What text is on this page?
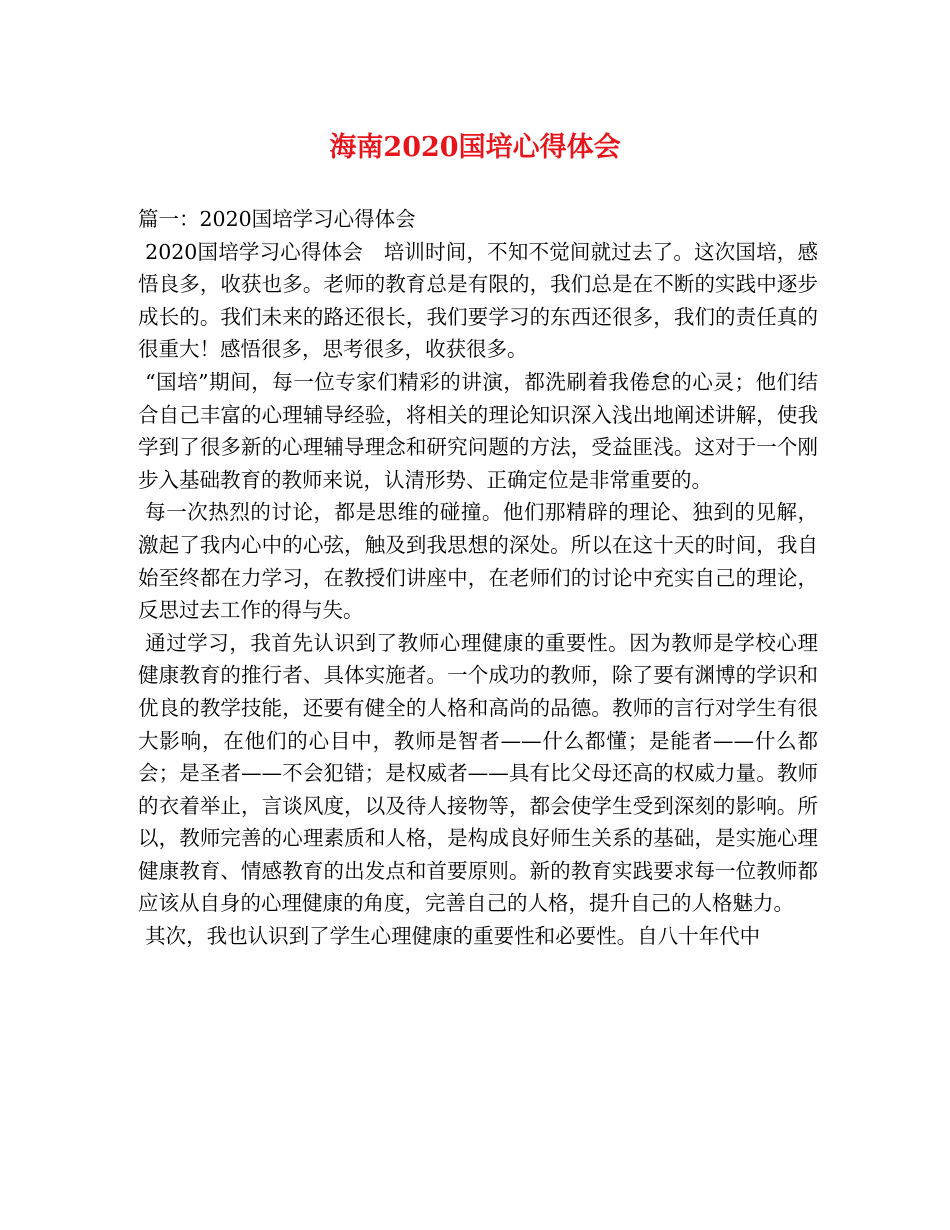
海南2020国培心得体会

篇一：2020国培学习心得体会

2020国培学习心得体会　培训时间，不知不觉间就过去了。这次国培，感悟良多，收获也多。老师的教育总是有限的，我们总是在不断的实践中逐步成长的。我们未来的路还很长，我们要学习的东西还很多，我们的责任真的很重大！感悟很多，思考很多，收获很多。

“国培”期间，每一位专家们精彩的讲演，都洗刷着我倦怠的心灵；他们结合自己丰富的心理辅导经验，将相关的理论知识深入浅出地阐述讲解，使我学到了很多新的心理辅导理念和研究问题的方法，受益匪浅。这对于一个刚步入基础教育的教师来说，认清形势、正确定位是非常重要的。

每一次热烈的讨论，都是思维的碰撞。他们那精辟的理论、独到的见解，激起了我内心中的心弦，触及到我思想的深处。所以在这十天的时间，我自始至终都在力学习，在教授们讲座中，在老师们的讨论中充实自己的理论，反思过去工作的得与失。

通过学习，我首先认识到了教师心理健康的重要性。因为教师是学校心理健康教育的推行者、具体实施者。一个成功的教师，除了要有渊博的学识和优良的教学技能，还要有健全的人格和高尚的品德。教师的言行对学生有很大影响，在他们的心目中，教师是智者——什么都懂；是能者——什么都会；是圣者——不会犯错；是权威者——具有比父母还高的权威力量。教师的衣着举止，言谈风度，以及待人接物等，都会使学生受到深刻的影响。所以，教师完善的心理素质和人格，是构成良好师生关系的基础，是实施心理健康教育、情感教育的出发点和首要原则。新的教育实践要求每一位教师都应该从自身的心理健康的角度，完善自己的人格，提升自己的人格魅力。

其次，我也认识到了学生心理健康的重要性和必要性。自八十年代中
